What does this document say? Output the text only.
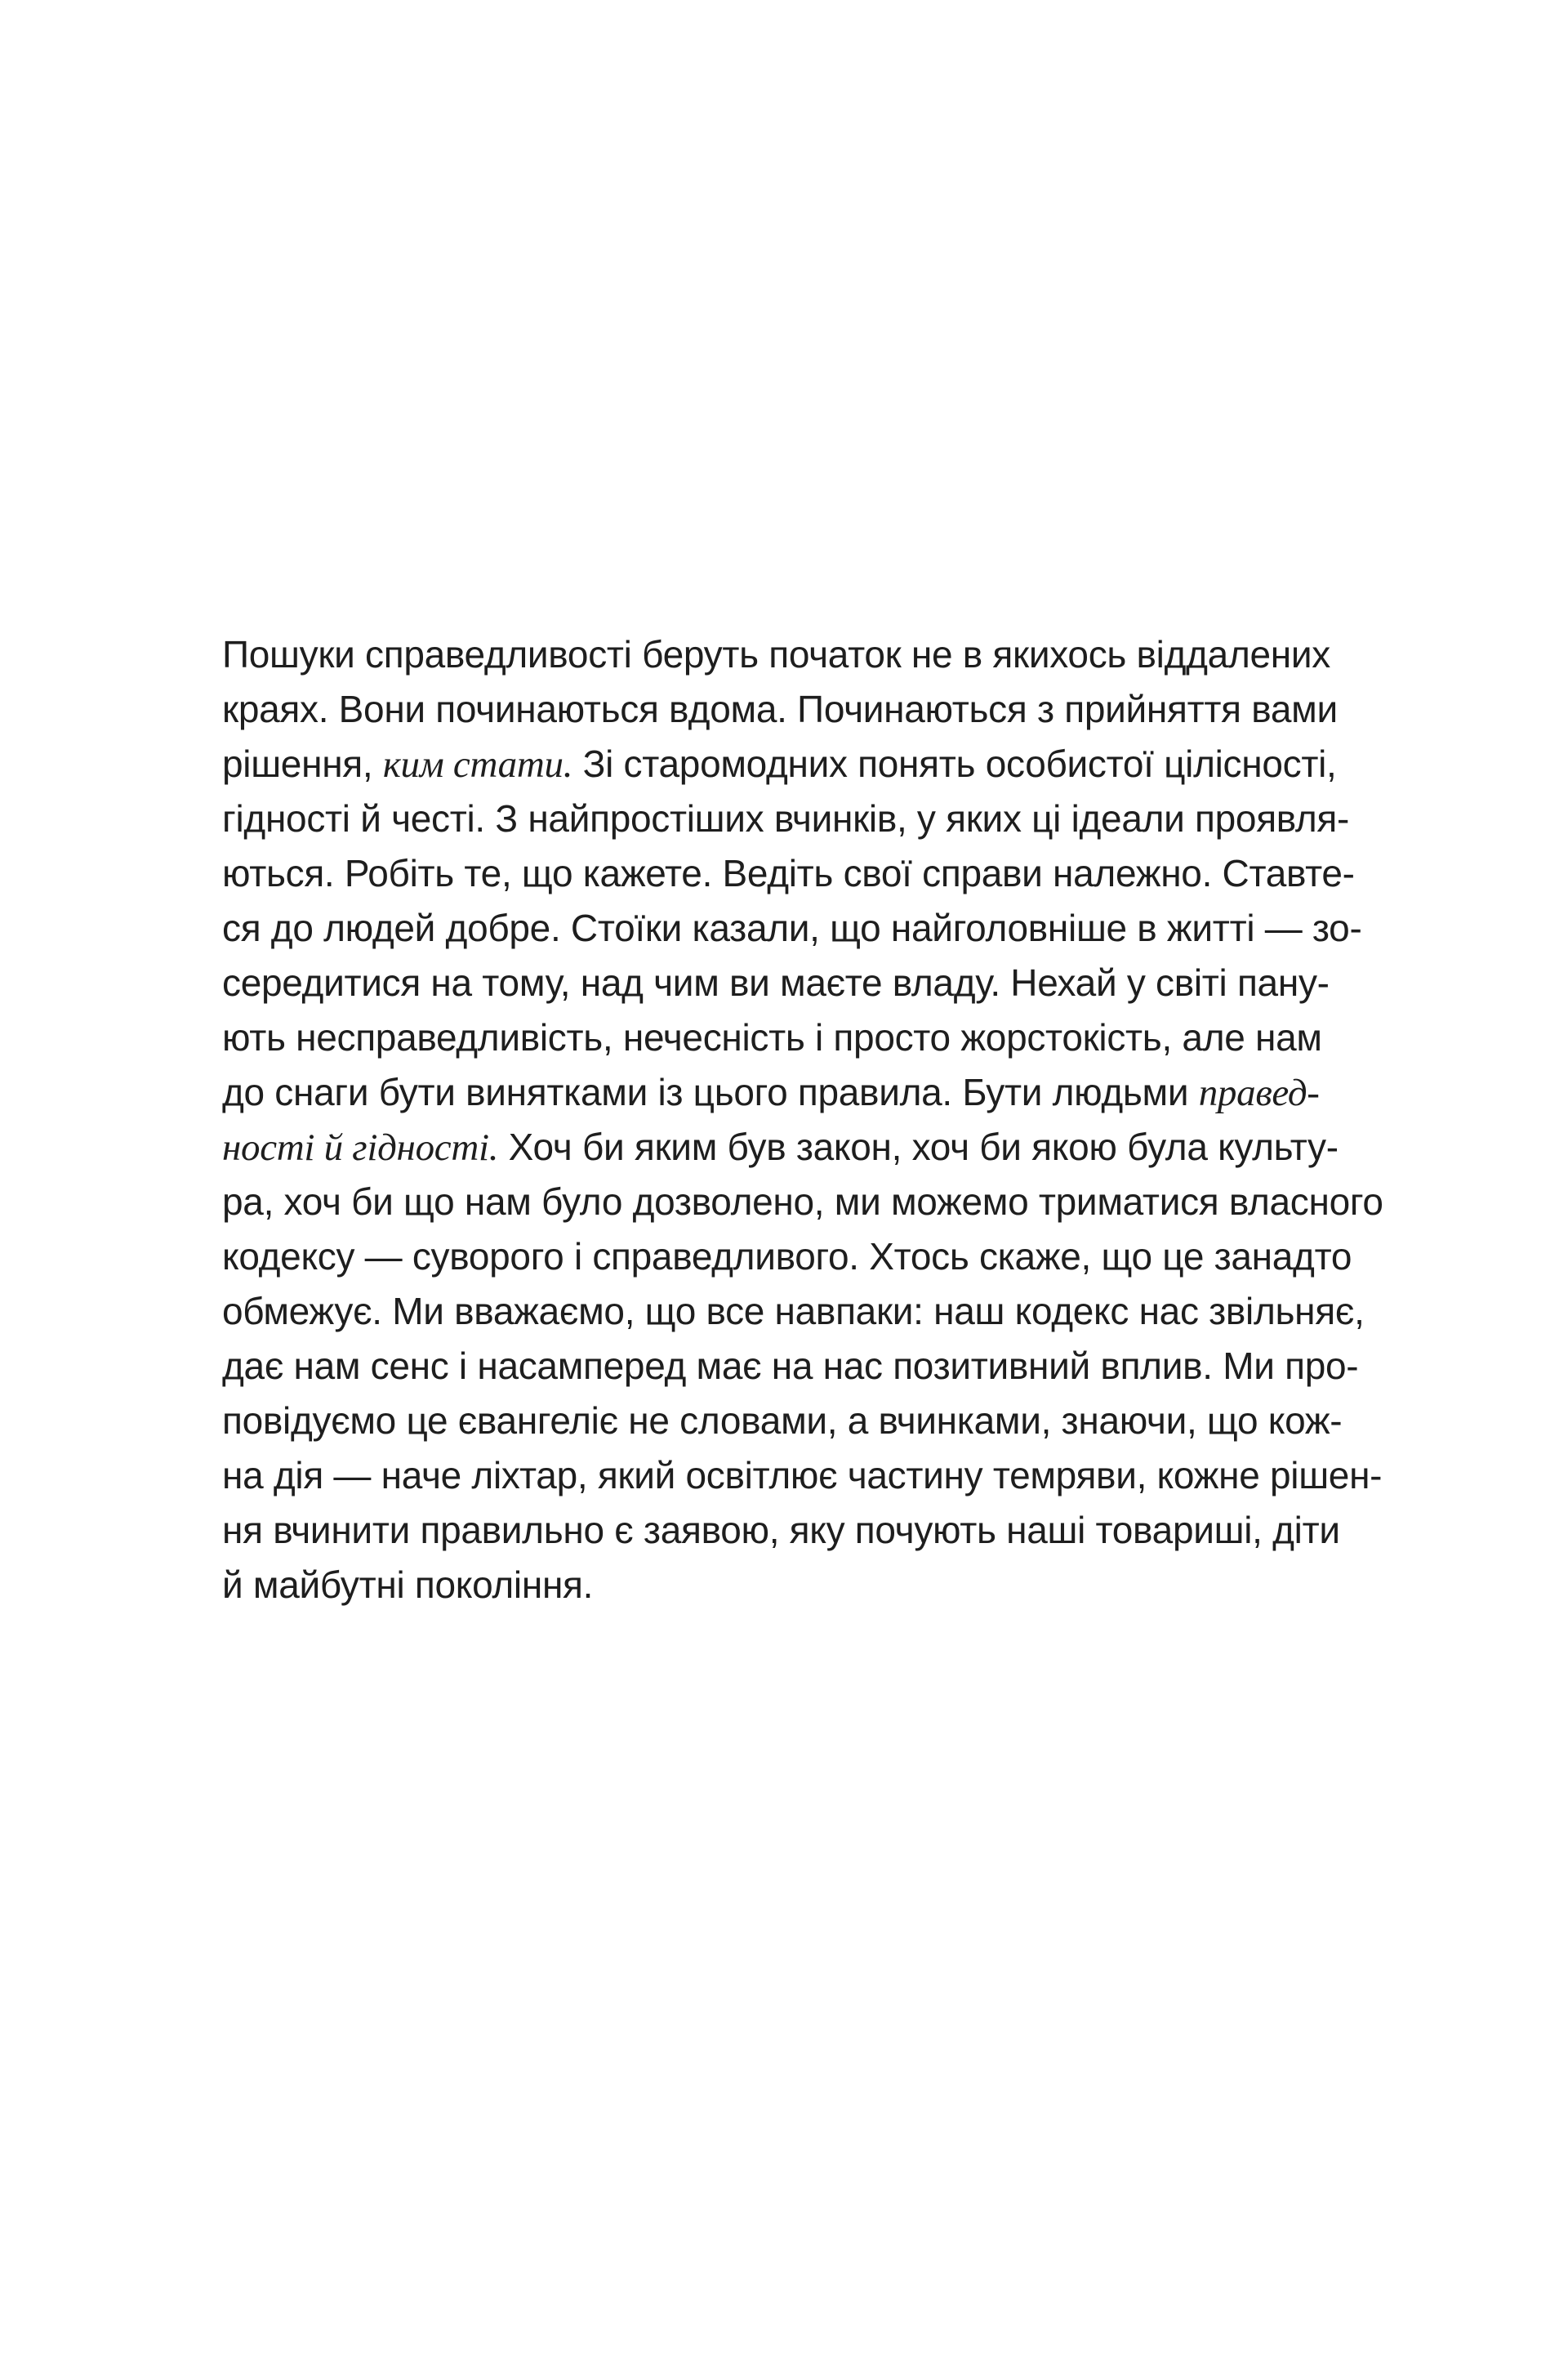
Пошуки справедливості беруть початок не в якихось віддалених
краях. Вони починаються вдома. Починаються з прийняття вами
рішення, ким стати. Зі старомодних понять особистої цілісності,
гідності й честі. З найпростіших вчинків, у яких ці ідеали проявля-
ються. Робіть те, що кажете. Ведіть свої справи належно. Ставте-
ся до людей добре. Стоїки казали, що найголовніше в житті — зо-
середитися на тому, над чим ви маєте владу. Нехай у світі пану-
ють несправедливість, нечесність і просто жорстокість, але нам
до снаги бути винятками із цього правила. Бути людьми правед-
ності й гідності. Хоч би яким був закон, хоч би якою була культу-
ра, хоч би що нам було дозволено, ми можемо триматися власного
кодексу — суворого і справедливого. Хтось скаже, що це занадто
обмежує. Ми вважаємо, що все навпаки: наш кодекс нас звільняє,
дає нам сенс і насамперед має на нас позитивний вплив. Ми про-
повідуємо це євангеліє не словами, а вчинками, знаючи, що кож-
на дія — наче ліхтар, який освітлює частину темряви, кожне рішен-
ня вчинити правильно є заявою, яку почують наші товариші, діти
й майбутні покоління.
